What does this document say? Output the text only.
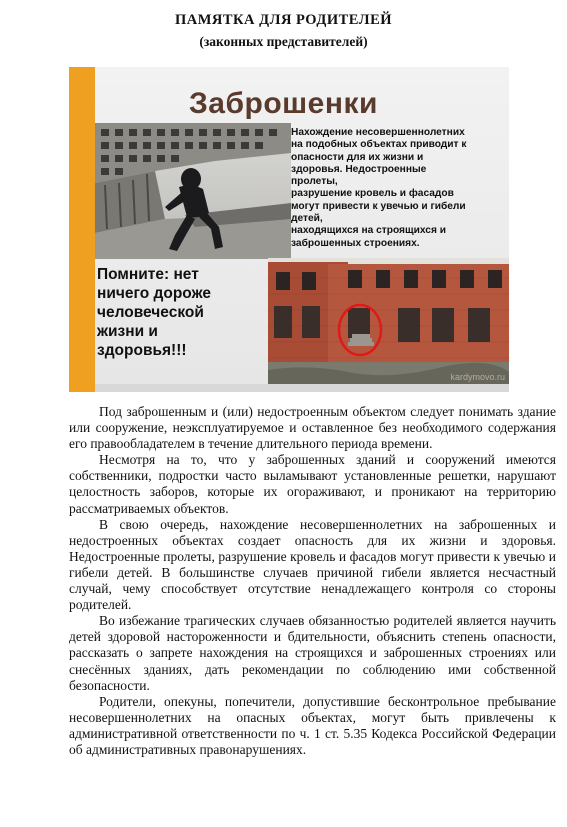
ПАМЯТКА ДЛЯ РОДИТЕЛЕЙ
(законных представителей)
Заброшенки

Нахождение несовершеннолетних

на подобных объектах приводит к

опасности для их жизни и

здоровья. Недостроенные

пролеты,

разрушение кровель и фасадов

могут привести к увечью и гибели

детей,

находящихся на строящихся и

заброшенных строениях.

Помните: нет
ничего дороже
человеческой
жизни и
здоровья!!!
kardymovo.ru

Под заброшенным и (или) недостроенным объектом следует понимать здание или сооружение, неэксплуатируемое и оставленное без необходимого содержания его правообладателем в течение длительного периода времени.

Несмотря на то, что у заброшенных зданий и сооружений имеются собственники, подростки часто выламывают установленные решетки, нарушают целостность заборов, которые их огораживают, и проникают на территорию рассматриваемых объектов.

В свою очередь, нахождение несовершеннолетних на заброшенных и недостроенных объектах создает опасность для их жизни и здоровья. Недостроенные пролеты, разрушение кровель и фасадов могут привести к увечью и гибели детей. В большинстве случаев причиной гибели является несчастный случай, чему способствует отсутствие ненадлежащего контроля со стороны родителей.

Во избежание трагических случаев обязанностью родителей является научить детей здоровой настороженности и бдительности, объяснить степень опасности, рассказать о запрете нахождения на строящихся и заброшенных строениях или снесённых зданиях, дать рекомендации по соблюдению ими собственной безопасности.

Родители, опекуны, попечители, допустившие бесконтрольное пребывание несовершеннолетних на опасных объектах, могут быть привлечены к административной ответственности по ч. 1 ст. 5.35 Кодекса Российской Федерации об административных правонарушениях.
